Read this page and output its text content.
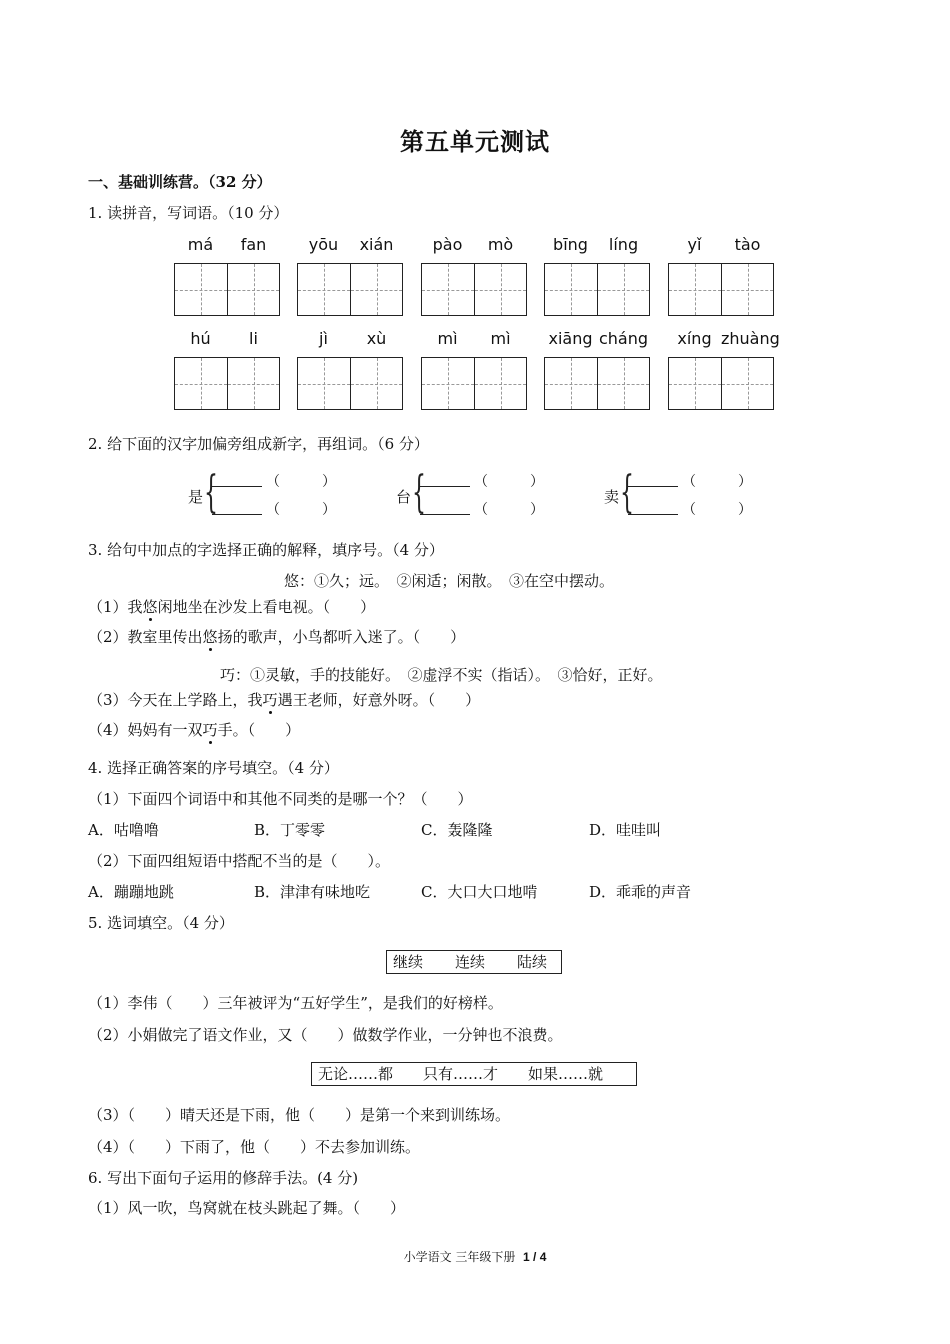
第五单元测试
一、基础训练营。（32 分）
1. 读拼音，写词语。（10 分）
má	fan	yōu	xián	pào	mò	bīng	líng	yǐ	tào
hú	li	jì	xù	mì	mì	xiāng cháng	xíng zhuàng
2. 给下面的汉字加偏旁组成新字，再组词。（6 分）
是 {	（　　　）
（　　　）
台 {	（　　　）
（　　　）
卖 {	（　　　）
（　　　）
3. 给句中加点的字选择正确的解释，填序号。（4 分）
悠：①久；远。　②闲适；闲散。　③在空中摆动。
（1）我悠闲地坐在沙发上看电视。（　　）
（2）教室里传出悠扬的歌声，小鸟都听入迷了。（　　）
巧：①灵敏，手的技能好。　②虚浮不实（指话）。　③恰好，正好。
（3）今天在上学路上，我巧遇王老师，好意外呀。（　　）
（4）妈妈有一双巧手。（　　）
4. 选择正确答案的序号填空。（4 分）
（1）下面四个词语中和其他不同类的是哪一个？（　　）
A．咕噜噜	B．丁零零	C．轰隆隆	D．哇哇叫
（2）下面四组短语中搭配不当的是（　　）。
A．蹦蹦地跳	B．津津有味地吃	C．大口大口地啃	D．乖乖的声音
5. 选词填空。（4 分）
继续 连续 陆续
（1）李伟（　　）三年被评为“五好学生”，是我们的好榜样。
（2）小娟做完了语文作业，又（　　）做数学作业，一分钟也不浪费。
无论……都 只有……才 如果……就
（3）（　　）晴天还是下雨，他（　　）是第一个来到训练场。
（4）（　　）下雨了，他（　　）不去参加训练。
6. 写出下面句子运用的修辞手法。(4 分)
（1）风一吹，鸟窝就在枝头跳起了舞。（　　）
小学语文 三年级下册 1 / 4
